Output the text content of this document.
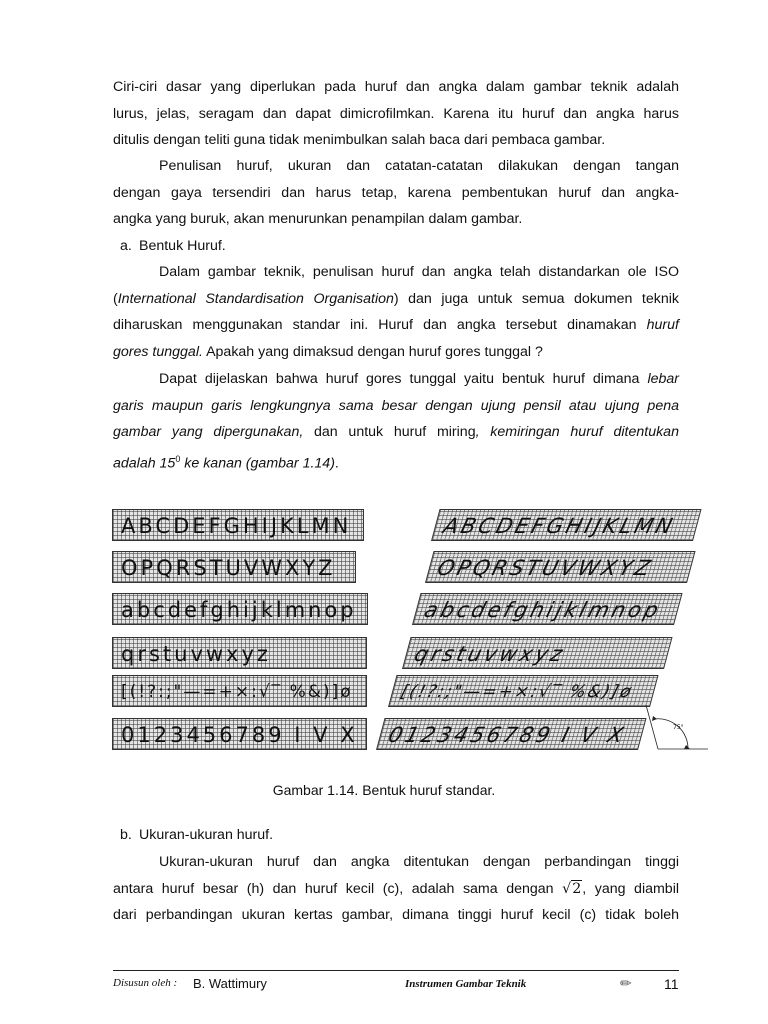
Ciri-ciri dasar yang diperlukan pada huruf dan angka dalam gambar teknik adalah
lurus, jelas, seragam dan dapat dimicrofilmkan. Karena itu huruf dan angka harus
ditulis dengan teliti guna tidak menimbulkan salah baca dari pembaca gambar.
Penulisan huruf, ukuran dan catatan-catatan dilakukan dengan tangan
dengan gaya tersendiri dan harus tetap, karena pembentukan huruf dan angka-
angka yang buruk, akan menurunkan penampilan dalam gambar.
a. Bentuk Huruf.
Dalam gambar teknik, penulisan huruf dan angka telah distandarkan ole ISO
(International Standardisation Organisation) dan juga untuk semua dokumen teknik
diharuskan menggunakan standar ini. Huruf dan angka tersebut dinamakan huruf
gores tunggal. Apakah yang dimaksud dengan huruf gores tunggal ?
Dapat dijelaskan bahwa huruf gores tunggal yaitu bentuk huruf dimana lebar
garis maupun garis lengkungnya sama besar dengan ujung pensil atau ujung pena
gambar yang dipergunakan, dan untuk huruf miring, kemiringan huruf ditentukan
adalah $15^0$ ke kanan (gambar 1.14).
ABCDEFGHIJKLMN
OPQRSTUVWXYZ
abcdefghijklmnop
qrstuvwxyz
[(!?:;"—=+×:√‾ %&)]ø
0123456789 I V X
ABCDEFGHIJKLMN
OPQRSTUVWXYZ
abcdefghijklmnop
qrstuvwxyz
[(!?:;"—=+×:√‾ %&)]ø
0123456789 I V X	75°
Gambar 1.14. Bentuk huruf standar.
b. Ukuran-ukuran huruf.
Ukuran-ukuran huruf dan angka ditentukan dengan perbandingan tinggi
antara huruf besar (h) dan huruf kecil (c), adalah sama dengan √2, yang diambil
dari perbandingan ukuran kertas gambar, dimana tinggi huruf kecil (c) tidak boleh
Disusun oleh : B. Wattimury	Instrumen Gambar Teknik	✏ 11
